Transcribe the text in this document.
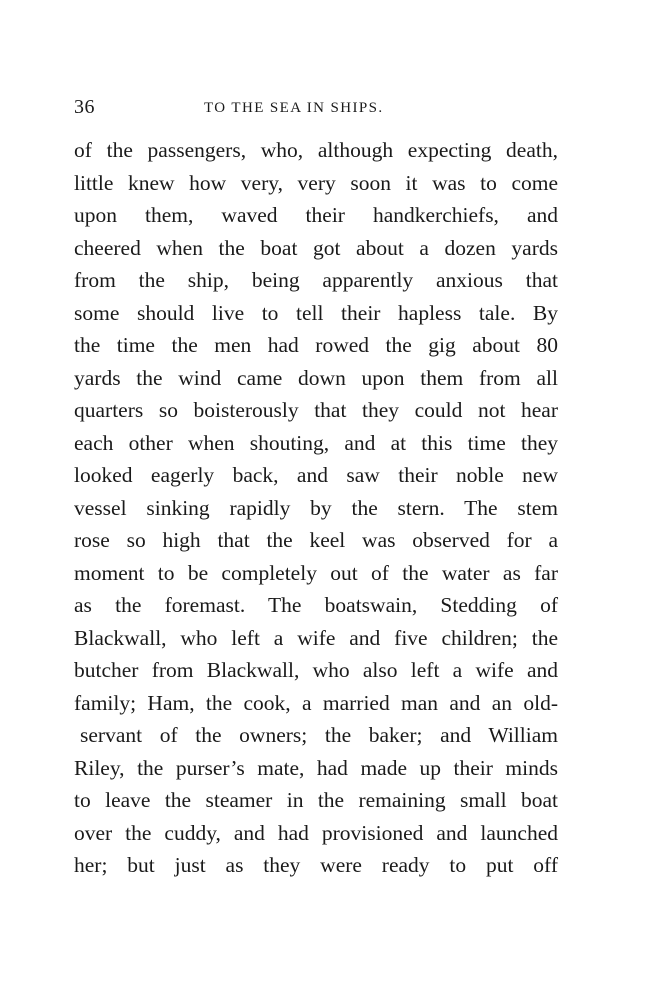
36	TO THE SEA IN SHIPS.
of the passengers, who, although expecting death,
little knew how very, very soon it was to come
upon them, waved their handkerchiefs, and
cheered when the boat got about a dozen yards
from the ship, being apparently anxious that
some should live to tell their hapless tale. By
the time the men had rowed the gig about 80
yards the wind came down upon them from all
quarters so boisterously that they could not hear
each other when shouting, and at this time they
looked eagerly back, and saw their noble new
vessel sinking rapidly by the stern. The stem
rose so high that the keel was observed for a
moment to be completely out of the water as far
as the foremast. The boatswain, Stedding of
Blackwall, who left a wife and five children; the
butcher from Blackwall, who also left a wife and
family; Ham, the cook, a married man and an old-
servant of the owners; the baker; and William
Riley, the purser’s mate, had made up their minds
to leave the steamer in the remaining small boat
over the cuddy, and had provisioned and launched
her; but just as they were ready to put off
